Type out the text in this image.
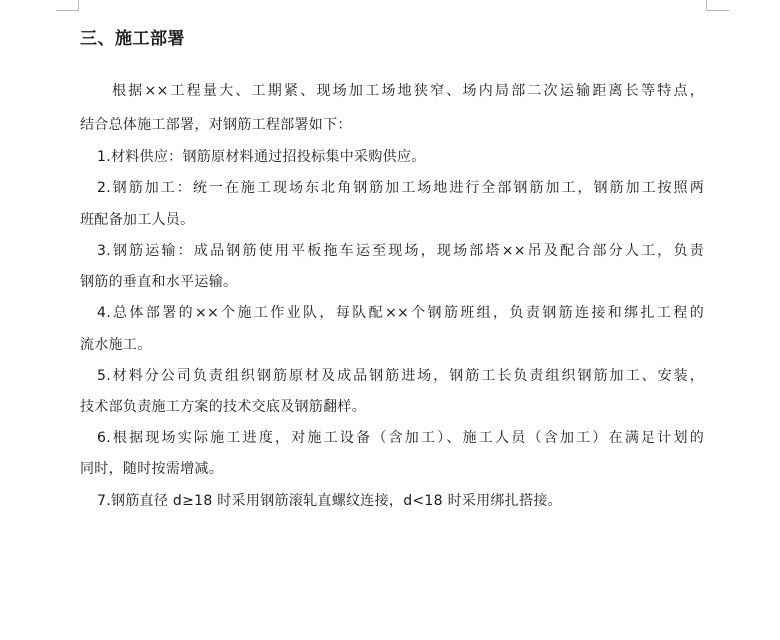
三、施工部署
根据××工程量大、工期紧、现场加工场地狭窄、场内局部二次运输距离长等特点，
结合总体施工部署，对钢筋工程部署如下：
1.材料供应：钢筋原材料通过招投标集中采购供应。
2.钢筋加工：统一在施工现场东北角钢筋加工场地进行全部钢筋加工，钢筋加工按照两
班配备加工人员。
3.钢筋运输：成品钢筋使用平板拖车运至现场，现场部塔××吊及配合部分人工，负责
钢筋的垂直和水平运输。
4.总体部署的××个施工作业队，每队配××个钢筋班组，负责钢筋连接和绑扎工程的
流水施工。
5.材料分公司负责组织钢筋原材及成品钢筋进场，钢筋工长负责组织钢筋加工、安装，
技术部负责施工方案的技术交底及钢筋翻样。
6.根据现场实际施工进度，对施工设备（含加工）、施工人员（含加工）在满足计划的
同时，随时按需增减。
7.钢筋直径 d≥18 时采用钢筋滚轧直螺纹连接，d<18 时采用绑扎搭接。
